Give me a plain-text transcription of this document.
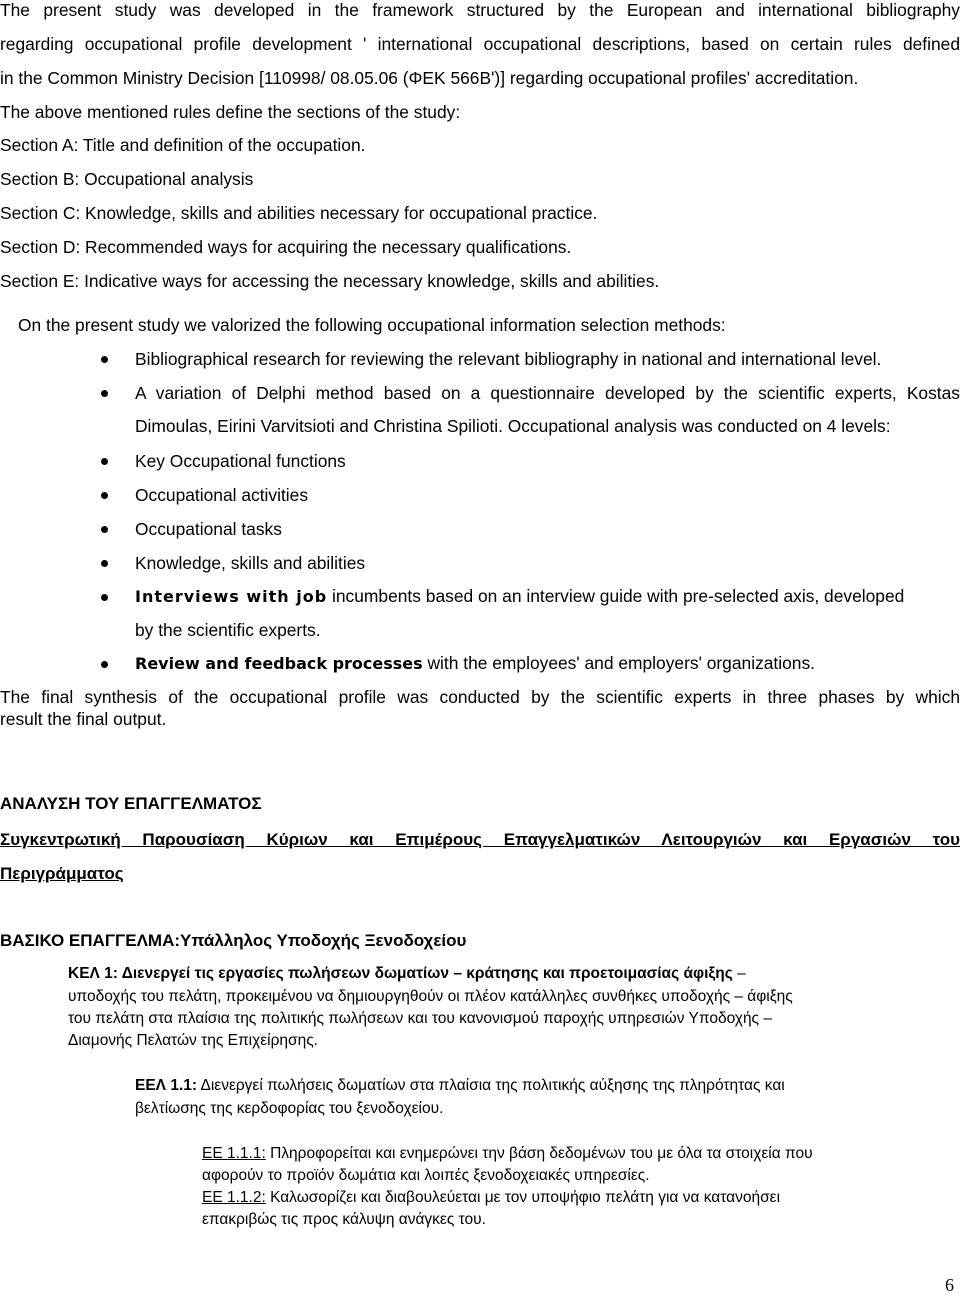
The present study was developed in the framework structured by the European and international bibliography
regarding occupational profile development ʹ international occupational descriptions, based on certain rules defined
in the Common Ministry Decision [110998/ 08.05.06 (ΦΕΚ 566Βʹ)] regarding occupational profilesʹ accreditation.
The above mentioned rules define the sections of the study:
Section A: Title and definition of the occupation.
Section B: Occupational analysis
Section C: Knowledge, skills and abilities necessary for occupational practice.
Section D: Recommended ways for acquiring the necessary qualifications.
Section E: Indicative ways for accessing the necessary knowledge, skills and abilities.
On the present study we valorized the following occupational information selection methods:
Bibliographical research for reviewing the relevant bibliography in national and international level.
A variation of Delphi method based on a questionnaire developed by the scientific experts, Kostas
Dimoulas, Eirini Varvitsioti and Christina Spilioti. Occupational analysis was conducted on 4 levels:
Key Occupational functions
Occupational activities
Occupational tasks
Knowledge, skills and abilities
Interviews with job incumbents based on an interview guide with pre-selected axis, developed
by the scientific experts.
Review and feedback processes with the employeesʹ and employersʹ organizations.
The final synthesis of the occupational profile was conducted by the scientific experts in three phases by which
result the final output.
ΑΝΑΛΥΣΗ ΤΟΥ ΕΠΑΓΓΕΛΜΑΤΟΣ
Συγκεντρωτική Παρουσίαση Κύριων και Επιμέρους Επαγγελματικών Λειτουργιών και Εργασιών του
Περιγράμματος
ΒΑΣΙΚΟ ΕΠΑΓΓΕΛΜΑ:Υπάλληλος Υποδοχής Ξενοδοχείου
ΚΕΛ 1: Διενεργεί τις εργασίες πωλήσεων δωματίων – κράτησης και προετοιμασίας άφιξης –
υποδοχής του πελάτη, προκειμένου να δημιουργηθούν οι πλέον κατάλληλες συνθήκες υποδοχής – άφιξης
του πελάτη στα πλαίσια της πολιτικής πωλήσεων και του κανονισμού παροχής υπηρεσιών Υποδοχής –
Διαμονής Πελατών της Επιχείρησης.
ΕΕΛ 1.1: Διενεργεί πωλήσεις δωματίων στα πλαίσια της πολιτικής αύξησης της πληρότητας και
βελτίωσης της κερδοφορίας του ξενοδοχείου.
ΕΕ 1.1.1: Πληροφορείται και ενημερώνει την βάση δεδομένων του με όλα τα στοιχεία που
αφορούν το προϊόν δωμάτια και λοιπές ξενοδοχειακές υπηρεσίες.
ΕΕ 1.1.2: Καλωσορίζει και διαβουλεύεται με τον υποψήφιο πελάτη για να κατανοήσει
επακριβώς τις προς κάλυψη ανάγκες του.
6
